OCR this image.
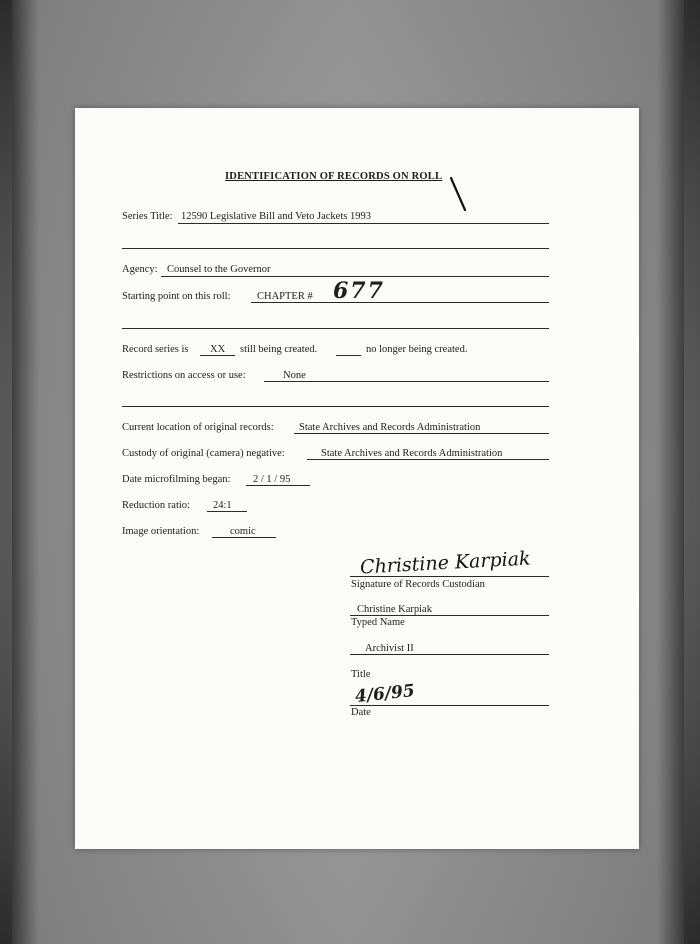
IDENTIFICATION OF RECORDS ON ROLL
Series Title: 12590 Legislative Bill and Veto Jackets 1993
Agency: Counsel to the Governor
Starting point on this roll:	CHAPTER # 677
Record series is XX still being created.	no longer being created.
Restrictions on access or use:	None
Current location of original records: State Archives and Records Administration
Custody of original (camera) negative:	State Archives and Records Administration
Date microfilming began: 2 / 1 / 95
Reduction ratio: 24:1
Image orientation:	comic
Christine Karpiak
Signature of Records Custodian
Christine Karpiak
Typed Name
Archivist II
Title
4/6/95
Date
